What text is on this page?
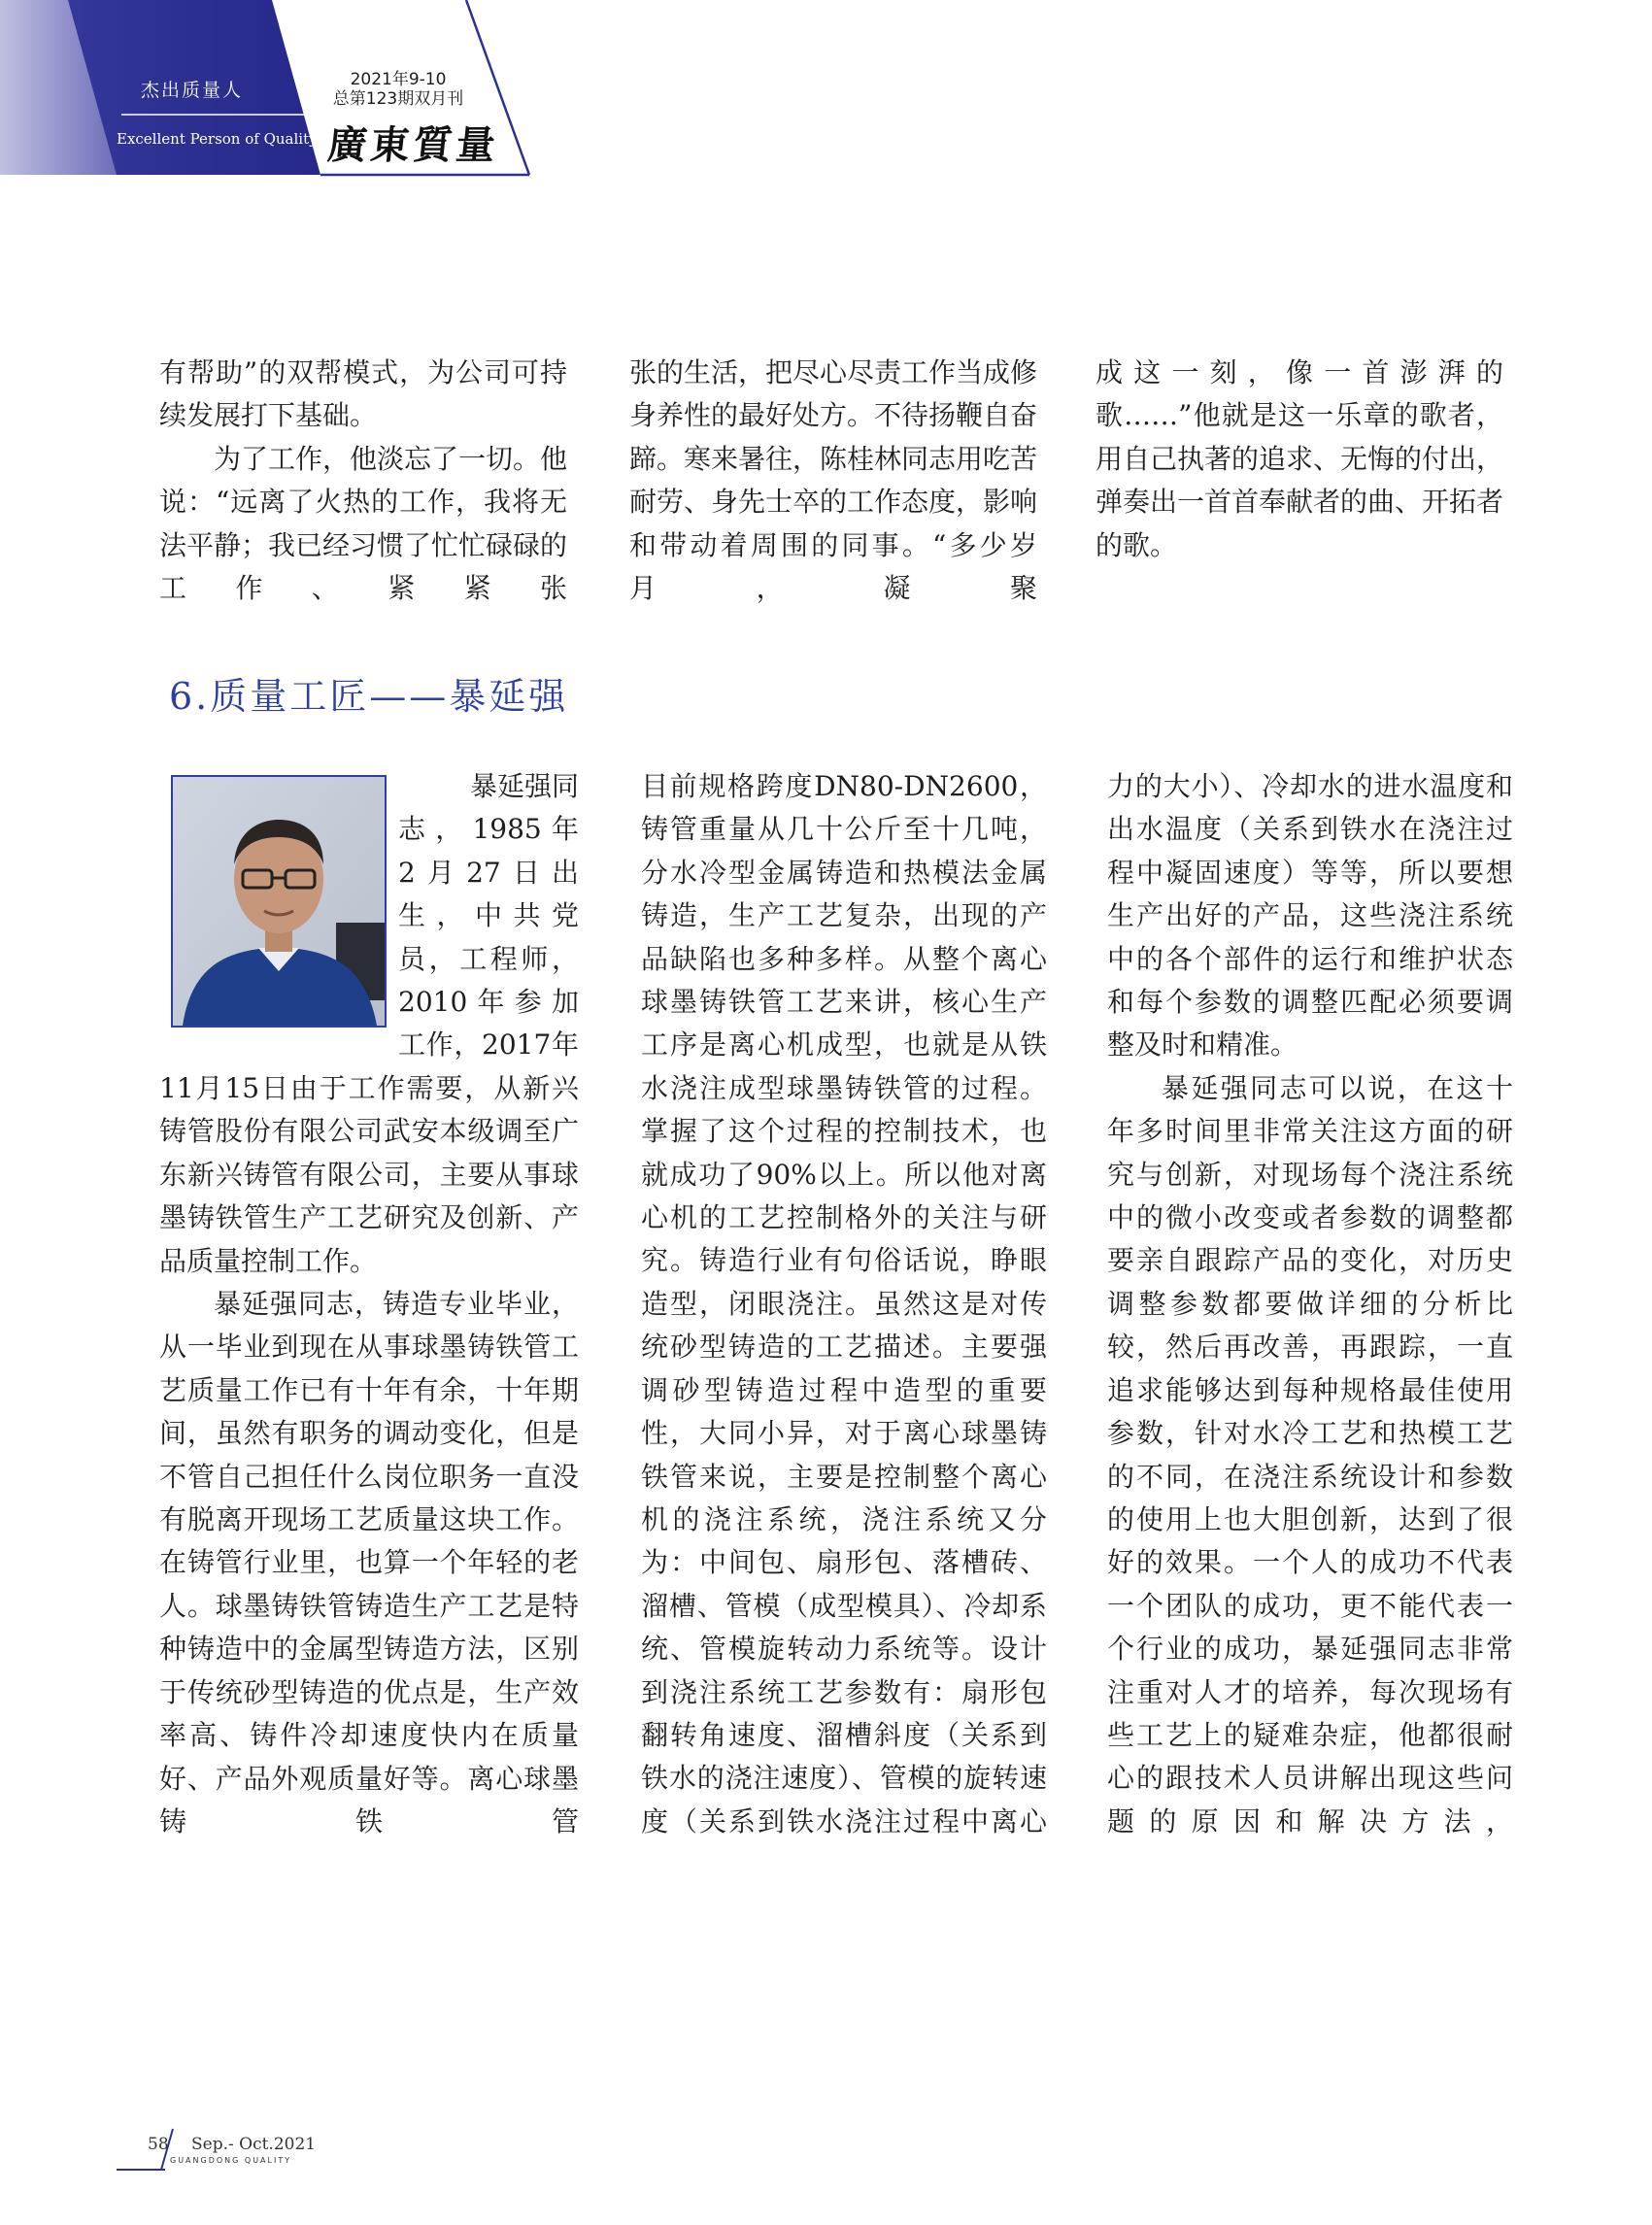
杰出质量人
Excellent Person of Quality
2021年9-10
总第123期双月刊
廣東質量

有帮助”的双帮模式，为公司可持续发展打下基础。

为了工作，他淡忘了一切。他说：“远离了火热的工作，我将无法平静；我已经习惯了忙忙碌碌的工作、紧紧张

张的生活，把尽心尽责工作当成修身养性的最好处方。不待扬鞭自奋蹄。寒来暑往，陈桂林同志用吃苦耐劳、身先士卒的工作态度，影响和带动着周围的同事。“多少岁月，凝聚

成这一刻，像一首澎湃的歌……”他就是这一乐章的歌者，用自己执著的追求、无悔的付出，弹奏出一首首奉献者的曲、开拓者的歌。

6.质量工匠——暴延强
暴延强同
志，1985年
2月27日出
生，中共党
员，工程师，
2010年参加
工作，2017年

11月15日由于工作需要，从新兴铸管股份有限公司武安本级调至广东新兴铸管有限公司，主要从事球墨铸铁管生产工艺研究及创新、产品质量控制工作。

暴延强同志，铸造专业毕业，从一毕业到现在从事球墨铸铁管工艺质量工作已有十年有余，十年期间，虽然有职务的调动变化，但是不管自己担任什么岗位职务一直没有脱离开现场工艺质量这块工作。在铸管行业里，也算一个年轻的老人。球墨铸铁管铸造生产工艺是特种铸造中的金属型铸造方法，区别于传统砂型铸造的优点是，生产效率高、铸件冷却速度快内在质量好、产品外观质量好等。离心球墨铸铁管

目前规格跨度DN80-DN2600，铸管重量从几十公斤至十几吨，分水冷型金属铸造和热模法金属铸造，生产工艺复杂，出现的产品缺陷也多种多样。从整个离心球墨铸铁管工艺来讲，核心生产工序是离心机成型，也就是从铁水浇注成型球墨铸铁管的过程。掌握了这个过程的控制技术，也就成功了90%以上。所以他对离心机的工艺控制格外的关注与研究。铸造行业有句俗话说，睁眼造型，闭眼浇注。虽然这是对传统砂型铸造的工艺描述。主要强调砂型铸造过程中造型的重要性，大同小异，对于离心球墨铸铁管来说，主要是控制整个离心机的浇注系统，浇注系统又分为：中间包、扇形包、落槽砖、溜槽、管模（成型模具）、冷却系统、管模旋转动力系统等。设计到浇注系统工艺参数有：扇形包翻转角速度、溜槽斜度（关系到铁水的浇注速度）、管模的旋转速度（关系到铁水浇注过程中离心

力的大小）、冷却水的进水温度和出水温度（关系到铁水在浇注过程中凝固速度）等等，所以要想生产出好的产品，这些浇注系统中的各个部件的运行和维护状态和每个参数的调整匹配必须要调整及时和精准。

暴延强同志可以说，在这十年多时间里非常关注这方面的研究与创新，对现场每个浇注系统中的微小改变或者参数的调整都要亲自跟踪产品的变化，对历史调整参数都要做详细的分析比较，然后再改善，再跟踪，一直追求能够达到每种规格最佳使用参数，针对水冷工艺和热模工艺的不同，在浇注系统设计和参数的使用上也大胆创新，达到了很好的效果。一个人的成功不代表一个团队的成功，更不能代表一个行业的成功，暴延强同志非常注重对人才的培养，每次现场有些工艺上的疑难杂症，他都很耐心的跟技术人员讲解出现这些问题的原因和解决方法，

58 Sep.- Oct.2021
GUANGDONG QUALITY
